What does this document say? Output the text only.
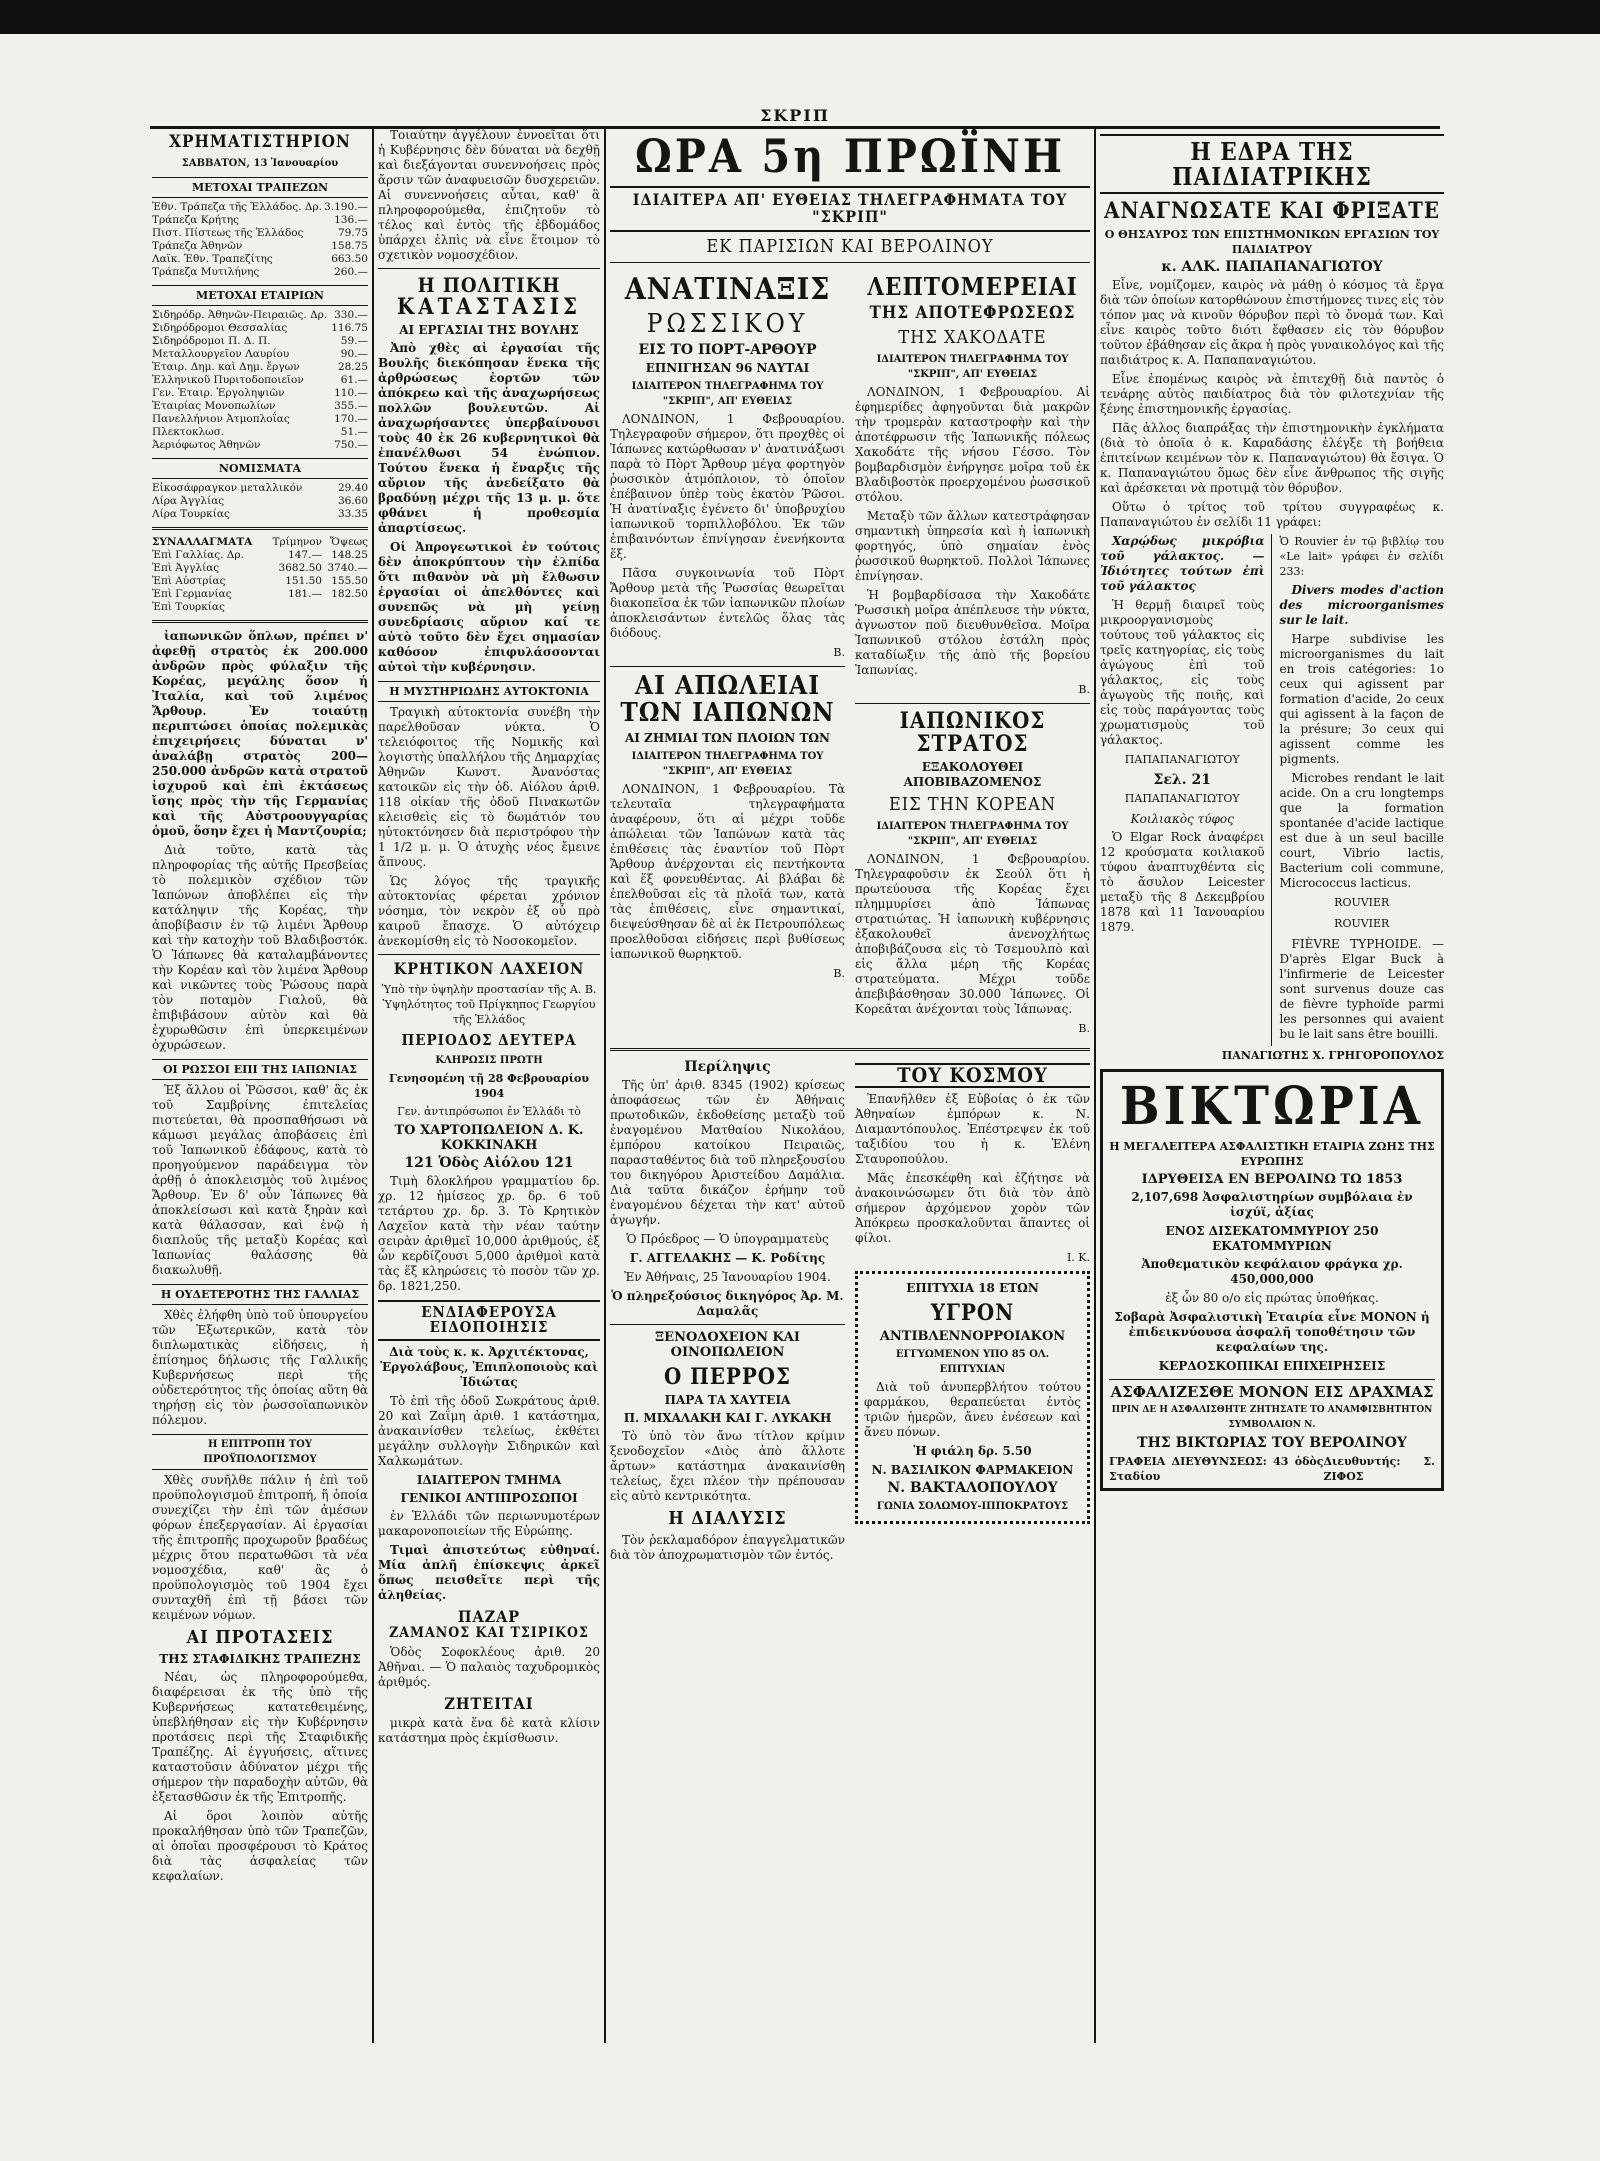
ΣΚΡΙΠ
ΧΡΗΜΑΤΙΣΤΗΡΙΟΝ
ΣΑΒΒΑΤΟΝ, 13 Ἰανουαρίου
ΜΕΤΟΧΑΙ ΤΡΑΠΕΖΩΝ
Ἐθν. Τράπεζα τῆς Ἑλλάδος. Δρ.	3.190.—
Τράπεζα Κρήτης	136.—
Πιστ. Πίστεως τῆς Ἑλλάδος	79.75
Τράπεζα Ἀθηνῶν	158.75
Λαϊκ. Ἐθν. Τραπεζίτης	663.50
Τράπεζα Μυτιλήνης	260.—
ΜΕΤΟΧΑΙ ΕΤΑΙΡΙΩΝ
Σιδηρόδρ. Ἀθηνῶν-Πειραιῶς. Δρ.	330.—
Σιδηρόδρομοι Θεσσαλίας	116.75
Σιδηρόδρομοι Π. Δ. Π.	59.—
Μεταλλουργεῖον Λαυρίου	90.—
Ἑταιρ. Δημ. καὶ Δημ. ἔργων	28.25
Ἑλληνικοῦ Πυριτοδοποιεῖον	61.—
Γεν. Ἑταιρ. Ἐργοληψιῶν	110.—
Ἑταιρίας Μονοπωλίων	355.—
Πανελλήνιον Ἀτμοπλοΐας	170.—
Πλεκτοκλωσ.	51.—
Ἀεριόφωτος Ἀθηνῶν	750.—
ΝΟΜΙΣΜΑΤΑ
Εἰκοσάφραγκον μεταλλικόν	29.40
Λίρα Ἀγγλίας	36.60
Λίρα Τουρκίας	33.35
ΣΥΝΑΛΛΑΓΜΑΤΑ	Τρίμηνον	Ὄψεως
Ἐπὶ Γαλλίας. Δρ.	147.—	148.25
Ἐπὶ Ἀγγλίας	3682.50	3740.—
Ἐπὶ Αὐστρίας	151.50	155.50
Ἐπὶ Γερμανίας	181.—	182.50
Ἐπὶ Τουρκίας		

ἰαπωνικῶν ὅπλων, πρέπει ν' ἀφεθῇ στρατὸς ἐκ 200.000 ἀνδρῶν πρὸς φύλαξιν τῆς Κορέας, μεγάλης ὅσον ἡ Ἰταλία, καὶ τοῦ λιμένος Ἄρθουρ. Ἐν τοιαύτῃ περιπτώσει ὁποίας πολεμικὰς ἐπιχειρήσεις δύναται ν' ἀναλάβῃ στρατὸς 200—250.000 ἀνδρῶν κατὰ στρατοῦ ἰσχυροῦ καὶ ἐπὶ ἐκτάσεως ἴσης πρὸς τὴν τῆς Γερμανίας καὶ τῆς Αὐστροουγγαρίας ὁμοῦ, ὅσην ἔχει ἡ Μαντζουρία;

Διὰ τοῦτο, κατὰ τὰς πληροφορίας τῆς αὐτῆς Πρεσβείας τὸ πολεμικὸν σχέδιον τῶν Ἰαπώνων ἀποβλέπει εἰς τὴν κατάληψιν τῆς Κορέας, τὴν ἀποβίβασιν ἐν τῷ λιμένι Ἄρθουρ καὶ τὴν κατοχὴν τοῦ Βλαδιβοστόκ. Ὁ Ἰάπωνες θὰ καταλαμβάνοντες τὴν Κορέαν καὶ τὸν λιμένα Ἄρθουρ καὶ νικῶντες τοὺς Ῥώσους παρὰ τὸν ποταμὸν Γιαλοῦ, θὰ ἐπιβιβάσουν αὐτὸν καὶ θὰ ἐχυρωθῶσιν ἐπὶ ὑπερκειμένων ὀχυρώσεων.

ΟΙ ΡΩΣΣΟΙ ΕΠΙ ΤΗΣ ΙΑΠΩΝΙΑΣ

Ἐξ ἄλλου οἱ Ῥῶσσοι, καθ' ἃς ἐκ τοῦ Σαμβρίνης ἐπιτελείας πιστεύεται, θὰ προσπαθήσωσι νὰ κάμωσι μεγάλας ἀποβάσεις ἐπὶ τοῦ Ἰαπωνικοῦ ἐδάφους, κατὰ τὸ προηγούμενον παράδειγμα τὸν ἀρθῇ ὁ ἀποκλεισμὸς τοῦ λιμένος Ἄρθουρ. Ἐν δ' οὖν Ἰάπωνες θὰ ἀποκλείσωσι καὶ κατὰ ξηρὰν καὶ κατὰ θάλασσαν, καὶ ἐνῷ ἡ διαπλοῦς τῆς μεταξὺ Κορέας καὶ Ἰαπωνίας θαλάσσης θὰ διακωλυθῇ.

Η ΟΥΔΕΤΕΡΟΤΗΣ ΤΗΣ ΓΑΛΛΙΑΣ

Χθὲς ἐλήφθη ὑπὸ τοῦ ὑπουργείου τῶν Ἐξωτερικῶν, κατὰ τὸν διπλωματικὰς εἰδήσεις, ἡ ἐπίσημος δήλωσις τῆς Γαλλικῆς Κυβερνήσεως περὶ τῆς οὐδετερότητος τῆς ὁποίας αὕτη θὰ τηρήσῃ εἰς τὸν ῥωσσοϊαπωνικὸν πόλεμον.

Η ΕΠΙΤΡΟΠΗ ΤΟΥ ΠΡΟΫΠΟΛΟΓΙΣΜΟΥ

Χθὲς συνῆλθε πάλιν ἡ ἐπὶ τοῦ προϋπολογισμοῦ ἐπιτροπή, ἥ ὁποία συνεχίζει τὴν ἐπὶ τῶν ἀμέσων φόρων ἐπεξεργασίαν. Αἱ ἐργασίαι τῆς ἐπιτροπῆς προχωροῦν βραδέως μέχρις ὅτου περατωθῶσι τὰ νέα νομοσχέδια, καθ' ἃς ὁ προϋπολογισμὸς τοῦ 1904 ἔχει συνταχθῆ ἐπὶ τῇ βάσει τῶν κειμένων νόμων.

ΑΙ ΠΡΟΤΑΣΕΙΣ
ΤΗΣ ΣΤΑΦΙΔΙΚΗΣ ΤΡΑΠΕΖΗΣ

Νέαι, ὡς πληροφορούμεθα, διαφέρεισαι ἐκ τῆς ὑπὸ τῆς Κυβερνήσεως κατατεθειμένης, ὑπεβλήθησαν εἰς τὴν Κυβέρνησιν προτάσεις περὶ τῆς Σταφιδικῆς Τραπέζης. Αἱ ἐγγυήσεις, αἵτινες καταστοῦσιν ἀδύνατον μέχρι τῆς σήμερον τὴν παραδοχὴν αὐτῶν, θὰ ἐξετασθῶσιν ἐκ τῆς Ἐπιτροπῆς.

Αἱ ὅροι λοιπὸν αὐτῆς προκαλήθησαν ὑπὸ τῶν Τραπεζῶν, αἱ ὁποῖαι προσφέρουσι τὸ Κράτος διὰ τὰς ἀσφαλείας τῶν κεφαλαίων.

Τοιαύτην ἀγγέλουν ἐννοεῖται ὅτι ἡ Κυβέρνησις δὲν δύναται νὰ δεχθῇ καὶ διεξάγονται συνεννοήσεις πρὸς ἄρσιν τῶν ἀναφυεισῶν δυσχερειῶν. Αἱ συνεννοήσεις αὗται, καθ' ἃ πληροφορούμεθα, ἐπιζητοῦν τὸ τέλος καὶ ἐντὸς τῆς ἑβδομάδος ὑπάρχει ἐλπὶς νὰ εἶνε ἕτοιμον τὸ σχετικὸν νομοσχέδιον.

Η ΠΟΛΙΤΙΚΗ
ΚΑΤΑΣΤΑΣΙΣ
ΑΙ ΕΡΓΑΣΙΑΙ ΤΗΣ ΒΟΥΛΗΣ

Ἀπὸ χθὲς αἱ ἐργασίαι τῆς Βουλῆς διεκόπησαν ἕνεκα τῆς ἀρθρώσεως ἐορτῶν τῶν ἀπόκρεω καὶ τῆς ἀναχωρήσεως πολλῶν βουλευτῶν. Αἱ ἀναχωρήσαντες ὑπερβαίνουσι τοὺς 40 ἐκ 26 κυβερνητικοὶ θὰ ἐπανέλθωσι 54 ἐνώπιον. Τούτου ἕνεκα ἡ ἔναρξις τῆς αὔριον τῆς ἀνεδείξατο θὰ βραδύνῃ μέχρι τῆς 13 μ. μ. ὅτε φθάνει ἡ προθεσμία ἀπαρτίσεως.

Οἱ Ἀπρογεωτικοὶ ἐν τούτοις δὲν ἀποκρύπτουν τὴν ἐλπίδα ὅτι πιθανὸν νὰ μὴ ἔλθωσιν ἐργασίαι οἱ ἀπελθόντες καὶ συνεπῶς νὰ μὴ γείνῃ συνεδρίασις αὔριον καί τε αὐτὸ τοῦτο δὲν ἔχει σημασίαν καθόσον ἐπιφυλάσσονται αὐτοὶ τὴν κυβέρνησιν.

Η ΜΥΣΤΗΡΙΩΔΗΣ ΑΥΤΟΚΤΟΝΙΑ

Τραγικὴ αὐτοκτονία συνέβη τὴν παρελθοῦσαν νύκτα. Ὁ τελειόφοιτος τῆς Νομικῆς καὶ λογιστὴς ὑπαλλήλου τῆς Δημαρχίας Ἀθηνῶν Κωνστ. Ἀνανόστας κατοικῶν εἰς τὴν ὁδ. Αἰόλου ἀριθ. 118 οἰκίαν τῆς ὁδοῦ Πινακωτῶν κλεισθεὶς εἰς τὸ δωμάτιόν του ηὐτοκτόνησεν διὰ περιστρόφου τὴν 1 1/2 μ. μ. Ὁ ἀτυχὴς νέος ἔμεινε ἄπνους.

Ὡς λόγος τῆς τραγικῆς αὐτοκτονίας φέρεται χρόνιον νόσημα, τὸν νεκρὸν ἐξ οὗ πρὸ καιροῦ ἔπασχε. Ὁ αὐτόχειρ ἀνεκομίσθη εἰς τὸ Νοσοκομεῖον.

ΚΡΗΤΙΚΟΝ ΛΑΧΕΙΟΝ

Ὑπὸ τὴν ὑψηλὴν προστασίαν τῆς Α. Β. Ὑψηλότητος τοῦ Πρίγκηπος Γεωργίου τῆς Ἑλλάδος

ΠΕΡΙΟΔΟΣ ΔΕΥΤΕΡΑ
ΚΛΗΡΩΣΙΣ ΠΡΩΤΗ
Γενησομένη τῇ 28 Φεβρουαρίου 1904

Γεν. ἀντιπρόσωποι ἐν Ἑλλάδι τὸ

ΤΟ ΧΑΡΤΟΠΩΛΕΙΟΝ Δ. Κ. ΚΟΚΚΙΝΑΚΗ
121 Ὁδὸς Αἰόλου 121

Τιμὴ δλοκλήρου γραμματίου δρ. χρ. 12 ἡμίσεος χρ. δρ. 6 τοῦ τετάρτου χρ. δρ. 3. Τὸ Κρητικὸν Λαχεῖον κατὰ τὴν νέαν ταύτην σειρὰν ἀριθμεῖ 10,000 ἀριθμούς, ἐξ ὧν κερδίζουσι 5,000 ἀριθμοὶ κατὰ τὰς ἕξ κληρώσεις τὸ ποσὸν τῶν χρ. δρ. 1821,250.

ΕΝΔΙΑΦΕΡΟΥΣΑ ΕΙΔΟΠΟΙΗΣΙΣ

Διὰ τοὺς κ. κ. Ἀρχιτέκτονας, Ἐργολάβους, Ἐπιπλοποιοὺς καὶ Ἰδιώτας

Τὸ ἐπὶ τῆς ὁδοῦ Σωκράτους ἀριθ. 20 καὶ Ζαΐμη ἀριθ. 1 κατάστημα, ἀνακαινίσθεν τελείως, ἐκθέτει μεγάλην συλλογὴν Σιδηρικῶν καὶ Χαλκωμάτων.

ΙΔΙΑΙΤΕΡΟΝ ΤΜΗΜΑ
ΓΕΝΙΚΟΙ ΑΝΤΙΠΡΟΣΩΠΟΙ

ἐν Ἑλλάδι τῶν περιωνυμοτέρων μακαρονοποιείων τῆς Εὐρώπης.

Τιμαὶ ἀπιστεύτως εὐθηναί. Μία ἀπλῆ ἐπίσκεψις ἀρκεῖ ὅπως πεισθεῖτε περὶ τῆς ἀληθείας.

ΠΑΖΑΡ
ΖΑΜΑΝΟΣ ΚΑΙ ΤΣΙΡΙΚΟΣ

Ὁδὸς Σοφοκλέους ἀριθ. 20 Ἀθῆναι. — Ὁ παλαιὸς ταχυδρομικὸς ἀριθμός.

ΖΗΤΕΙΤΑΙ

μικρὰ κατὰ ἕνα δὲ κατὰ κλίσιν κατάστημα πρὸς ἐκμίσθωσιν.

ΩΡΑ 5η ΠΡΩΪΝΗ
ΙΔΙΑΙΤΕΡΑ ΑΠ' ΕΥΘΕΙΑΣ ΤΗΛΕΓΡΑΦΗΜΑΤΑ ΤΟΥ "ΣΚΡΙΠ"
ΕΚ ΠΑΡΙΣΙΩΝ ΚΑΙ ΒΕΡΟΛΙΝΟΥ
ΑΝΑΤΙΝΑΞΙΣ
ΡΩΣΣΙΚΟΥ
ΕΙΣ ΤΟ ΠΟΡΤ-ΑΡΘΟΥΡ
ΕΠΝΙΓΗΣΑΝ 96 ΝΑΥΤΑΙ
ΙΔΙΑΙΤΕΡΟΝ ΤΗΛΕΓΡΑΦΗΜΑ ΤΟΥ "ΣΚΡΙΠ", ΑΠ' ΕΥΘΕΙΑΣ

ΛΟΝΔΙΝΟΝ, 1 Φεβρουαρίου. Τηλεγραφοῦν σήμερον, ὅτι προχθὲς οἱ Ἰάπωνες κατώρθωσαν ν' ἀνατινάξωσι παρὰ τὸ Πὸρτ Ἄρθουρ μέγα φορτηγὸν ῥωσσικὸν ἀτμόπλοιον, τὸ ὁποῖον ἐπέβαινον ὑπὲρ τοὺς ἑκατὸν Ῥῶσοι. Ἡ ἀνατίναξις ἐγένετο δι' ὑποβρυχίου ἰαπωνικοῦ τορπιλλοβόλου. Ἐκ τῶν ἐπιβαινόντων ἐπνίγησαν ἐνενήκοντα ἕξ.

Πᾶσα συγκοινωνία τοῦ Πὸρτ Ἄρθουρ μετὰ τῆς Ῥωσσίας θεωρεῖται διακοπεῖσα ἐκ τῶν ἰαπωνικῶν πλοίων ἀποκλεισάντων ἐντελῶς ὅλας τὰς διόδους.

Β.
ΑΙ ΑΠΩΛΕΙΑΙ
ΤΩΝ ΙΑΠΩΝΩΝ
ΑΙ ΖΗΜΙΑΙ ΤΩΝ ΠΛΟΙΩΝ ΤΩΝ
ΙΔΙΑΙΤΕΡΟΝ ΤΗΛΕΓΡΑΦΗΜΑ ΤΟΥ "ΣΚΡΙΠ", ΑΠ' ΕΥΘΕΙΑΣ

ΛΟΝΔΙΝΟΝ, 1 Φεβρουαρίου. Τὰ τελευταῖα τηλεγραφήματα ἀναφέρουν, ὅτι αἱ μέχρι τοῦδε ἀπώλειαι τῶν Ἰαπώνων κατὰ τὰς ἐπιθέσεις τὰς ἐναντίον τοῦ Πὸρτ Ἄρθουρ ἀνέρχονται εἰς πεντήκοντα καὶ ἕξ φονευθέντας. Αἱ βλάβαι δὲ ἐπελθοῦσαι εἰς τὰ πλοῖά των, κατὰ τὰς ἐπιθέσεις, εἶνε σημαντικαί, διεψεύσθησαν δὲ αἱ ἐκ Πετρουπόλεως προελθοῦσαι εἰδήσεις περὶ βυθίσεως ἰαπωνικοῦ θωρηκτοῦ.

Β.
ΛΕΠΤΟΜΕΡΕΙΑΙ
ΤΗΣ ΑΠΟΤΕΦΡΩΣΕΩΣ
ΤΗΣ ΧΑΚΟΔΑΤΕ
ΙΔΙΑΙΤΕΡΟΝ ΤΗΛΕΓΡΑΦΗΜΑ ΤΟΥ "ΣΚΡΙΠ", ΑΠ' ΕΥΘΕΙΑΣ

ΛΟΝΔΙΝΟΝ, 1 Φεβρουαρίου. Αἱ ἐφημερίδες ἀφηγοῦνται διὰ μακρῶν τὴν τρομερὰν καταστροφὴν καὶ τὴν ἀποτέφρωσιν τῆς Ἰαπωνικῆς πόλεως Χακοδάτε τῆς νήσου Γέσσο. Τὸν βομβαρδισμὸν ἐνήργησε μοῖρα τοῦ ἐκ Βλαδιβοστὸκ προερχομένου ῥωσσικοῦ στόλου.

Μεταξὺ τῶν ἄλλων κατεστράφησαν σημαντικὴ ὑπηρεσία καὶ ἡ ἰαπωνικὴ φορτηγός, ὑπὸ σημαίαν ἑνὸς ῥωσσικοῦ θωρηκτοῦ. Πολλοὶ Ἰάπωνες ἐπνίγησαν.

Ἡ βομβαρδίσασα τὴν Χακοδάτε Ῥωσσικὴ μοῖρα ἀπέπλευσε τὴν νύκτα, ἀγνωστον ποῦ διευθυνθεῖσα. Μοῖρα Ἰαπωνικοῦ στόλου ἐστάλη πρὸς καταδίωξιν τῆς ἀπὸ τῆς βορείου Ἰαπωνίας.

Β.
ΙΑΠΩΝΙΚΟΣ ΣΤΡΑΤΟΣ
ΕΞΑΚΟΛΟΥΘΕΙ ΑΠΟΒΙΒΑΖΟΜΕΝΟΣ
ΕΙΣ ΤΗΝ ΚΟΡΕΑΝ
ΙΔΙΑΙΤΕΡΟΝ ΤΗΛΕΓΡΑΦΗΜΑ ΤΟΥ "ΣΚΡΙΠ", ΑΠ' ΕΥΘΕΙΑΣ

ΛΟΝΔΙΝΟΝ, 1 Φεβρουαρίου. Τηλεγραφοῦσιν ἐκ Σεούλ ὅτι ἡ πρωτεύουσα τῆς Κορέας ἔχει πλημμυρίσει ἀπὸ Ἰάπωνας στρατιώτας. Ἡ ἰαπωνικὴ κυβέρνησις ἐξακολουθεῖ ἀνενοχλήτως ἀποβιβάζουσα εἰς τὸ Τσεμουλπὸ καὶ εἰς ἄλλα μέρη τῆς Κορέας στρατεύματα. Μέχρι τοῦδε ἀπεβιβάσθησαν 30.000 Ἰάπωνες. Οἱ Κορεᾶται ἀνέχονται τοὺς Ἰάπωνας.

Β.
Περίληψις

Τῆς ὑπ' ἀριθ. 8345 (1902) κρίσεως ἀποφάσεως τῶν ἐν Ἀθήναις πρωτοδικῶν, ἐκδοθείσης μεταξὺ τοῦ ἐναγομένου Ματθαίου Νικολάου, ἐμπόρου κατοίκου Πειραιῶς, παρασταθέντος διὰ τοῦ πληρεξουσίου του δικηγόρου Ἀριστείδου Δαμάλια. Διὰ ταῦτα δικάζον ἐρήμην τοῦ ἐναγομένου δέχεται τὴν κατ' αὐτοῦ ἀγωγήν.

Ὁ Πρόεδρος — Ὁ ὑπογραμματεὺς

Γ. ΑΓΓΕΛΑΚΗΣ — Κ. Ροδίτης

Ἐν Ἀθήναις, 25 Ἰανουαρίου 1904.

Ὁ πληρεξούσιος δικηγόρος Ἀρ. Μ. Δαμαλᾶς

ΞΕΝΟΔΟΧΕΙΟΝ ΚΑΙ ΟΙΝΟΠΩΛΕΙΟΝ
Ο ΠΕΡΡΟΣ
ΠΑΡΑ ΤΑ ΧΑΥΤΕΙΑ
Π. ΜΙΧΑΛΑΚΗ ΚΑΙ Γ. ΛΥΚΑΚΗ

Τὸ ὑπὸ τὸν ἄνω τίτλον κρίμιν ξενοδοχεῖον «Διὸς ἀπὸ ἄλλοτε ἄρτων» κατάστημα ἀνακαινίσθη τελείως, ἔχει πλέον τὴν πρέπουσαν εἰς αὐτὸ κεντρικότητα.

Η ΔΙΑΛΥΣΙΣ

Τὸν ῥεκλαμαδόρον ἐπαγγελματικῶν διὰ τὸν ἀποχρωματισμὸν τῶν ἐντός.

ΤΟΥ ΚΟΣΜΟΥ

Ἐπανῆλθεν ἐξ Εὐβοίας ὁ ἐκ τῶν Ἀθηναίων ἐμπόρων κ. Ν. Διαμαντόπουλος. Ἐπέστρεψεν ἐκ τοῦ ταξιδίου του ἡ κ. Ἐλένη Σταυροπούλου.

Μᾶς ἐπεσκέφθη καὶ ἐζήτησε νὰ ἀνακοινώσωμεν ὅτι διὰ τὸν ἀπὸ σήμερον ἀρχόμενον χορὸν τῶν Ἀπόκρεω προσκαλοῦνται ἅπαντες οἱ φίλοι.

Ι. Κ.
ΕΠΙΤΥΧΙΑ 18 ΕΤΩΝ
ΥΓΡΟΝ
ΑΝΤΙΒΛΕΝΝΟΡΡΟΙΑΚΟΝ
ΕΓΓΥΩΜΕΝΟΝ ΥΠΟ 85 ΟΛ. ΕΠΙΤΥΧΙΑΝ

Διὰ τοῦ ἀνυπερβλήτου τούτου φαρμάκου, θεραπεύεται ἐντὸς τριῶν ἡμερῶν, ἄνευ ἐνέσεων καὶ ἄνευ πόνων.

Ἡ φιάλη δρ. 5.50

Ν. ΒΑΣΙΛΙΚΟΝ ΦΑΡΜΑΚΕΙΟΝ
Ν. ΒΑΚΤΑΛΟΠΟΥΛΟΥ
ΓΩΝΙΑ ΣΟΛΩΜΟΥ-ΙΠΠΟΚΡΑΤΟΥΣ
Η ΕΔΡΑ ΤΗΣ ΠΑΙΔΙΑΤΡΙΚΗΣ
ΑΝΑΓΝΩΣΑΤΕ ΚΑΙ ΦΡΙΞΑΤΕ
Ο ΘΗΣΑΥΡΟΣ ΤΩΝ ΕΠΙΣΤΗΜΟΝΙΚΩΝ ΕΡΓΑΣΙΩΝ ΤΟΥ ΠΑΙΔΙΑΤΡΟΥ
κ. ΑΛΚ. ΠΑΠΑΠΑΝΑΓΙΩΤΟΥ

Εἶνε, νομίζομεν, καιρὸς νὰ μάθῃ ὁ κόσμος τὰ ἔργα διὰ τῶν ὁποίων κατορθώνουν ἐπιστήμονες τινες εἰς τὸν τόπον μας νὰ κινοῦν θόρυβον περὶ τὸ ὄνομά των. Καὶ εἶνε καιρὸς τοῦτο διότι ἔφθασεν εἰς τὸν θόρυβον τοῦτον ἐβάθησαν εἰς ἄκρα ἡ πρὸς γυναικολόγος καὶ τῆς παιδιάτρος κ. Α. Παπαπαναγιώτου.

Εἶνε ἐπομένως καιρὸς νὰ ἐπιτεχθῇ διὰ παντὸς ὁ τενάρης αὐτὸς παιδίατρος διὰ τὸν φιλοτεχνίαν τῆς ξένης ἐπιστημονικῆς ἐργασίας.

Πᾶς ἀλλος διαπράξας τὴν ἐπιστημονικὴν ἐγκλήματα (διὰ τὸ ὁποῖα ὁ κ. Καραδάσης ἐλέγξε τὴ βοήθεια ἐπιτείνων κειμένων τὸν κ. Παπαναγιώτου) θὰ ἔσιγα. Ὁ κ. Παπαναγιώτου ὅμως δὲν εἶνε ἄνθρωπος τῆς σιγῆς καὶ ἀρέσκεται νὰ προτιμᾷ τὸν θόρυβον.

Οὕτω ὁ τρίτος τοῦ τρίτου συγγραφέως κ. Παπαναγιώτου ἐν σελίδι 11 γράφει:

Χαρῴδως μικρόβια τοῦ γάλακτος. — Ἰδιότητες τούτων ἐπὶ τοῦ γάλακτος

Ἡ θερμῇ διαιρεῖ τοὺς μικροοργανισμοὺς τούτους τοῦ γάλακτος εἰς τρεῖς κατηγορίας, εἰς τοὺς ἀγώγους ἐπὶ τοῦ γάλακτος, εἰς τοὺς ἀγωγοὺς τῆς ποιῆς, καὶ εἰς τοὺς παράγοντας τοὺς χρωματισμοὺς τοῦ γάλακτος.

ΠΑΠΑΠΑΝΑΓΙΩΤΟΥ
Σελ. 21
ΠΑΠΑΠΑΝΑΓΙΩΤΟΥ
Κοιλιακὸς τύφος

Ὁ Elgar Rock ἀναφέρει 12 κρούσματα κοιλιακοῦ τύφου ἀναπτυχθέντα εἰς τὸ ἄσυλον Leicester μεταξὺ τῆς 8 Δεκεμβρίου 1878 καὶ 11 Ἰανουαρίου 1879.

Ὁ Rouvier ἐν τῷ βιβλίῳ του «Le lait» γράφει ἐν σελίδι 233:

Divers modes d'action des microorganismes sur le lait.

Harpe subdivise les microorganismes du lait en trois catégories: 1o ceux qui agissent par formation d'acide, 2o ceux qui agissent à la façon de la présure; 3o ceux qui agissent comme les pigments.

Microbes rendant le lait acide. On a cru longtemps que la formation spontanée d'acide lactique est due à un seul bacille court, Vibrio lactis, Bacterium coli commune, Micrococcus lacticus.

ROUVIER
ROUVIER

FIÈVRE TYPHOIDE. — D'après Elgar Buck à l'infirmerie de Leicester sont survenus douze cas de fièvre typhoïde parmi les personnes qui avaient bu le lait sans être bouilli.

ΠΑΝΑΓΙΩΤΗΣ Χ. ΓΡΗΓΟΡΟΠΟΥΛΟΣ
ΒΙΚΤΩΡΙΑ
Η ΜΕΓΑΛΕΙΤΕΡΑ ΑΣΦΑΛΙΣΤΙΚΗ ΕΤΑΙΡΙΑ ΖΩΗΣ ΤΗΣ ΕΥΡΩΠΗΣ
ΙΔΡΥΘΕΙΣΑ ΕΝ ΒΕΡΟΛΙΝΩ ΤΩ 1853

2,107,698 Ἀσφαλιστηρίων συμβόλαια ἐν ἰσχύϊ, ἀξίας

ΕΝΟΣ ΔΙΣΕΚΑΤΟΜΜΥΡΙΟΥ 250 ΕΚΑΤΟΜΜΥΡΙΩΝ

Ἀποθεματικὸν κεφάλαιον φράγκα χρ. 450,000,000

ἐξ ὧν 80 ο/ο εἰς πρώτας ὑποθήκας.

Σοβαρὰ Ἀσφαλιστικὴ Ἑταιρία εἶνε ΜΟΝΟΝ ἡ ἐπιδεικνύουσα ἀσφαλῆ τοποθέτησιν τῶν κεφαλαίων της.

ΚΕΡΔΟΣΚΟΠΙΚΑΙ ΕΠΙΧΕΙΡΗΣΕΙΣ
ΑΣΦΑΛΙΖΕΣΘΕ ΜΟΝΟΝ ΕΙΣ ΔΡΑΧΜΑΣ
ΠΡΙΝ ΔΕ Η ΑΣΦΑΛΙΣΘΗΤΕ ΖΗΤΗΣΑΤΕ ΤΟ ΑΝΑΜΦΙΣΒΗΤΗΤΟΝ ΣΥΜΒΟΛΑΙΟΝ Ν.
ΤΗΣ ΒΙΚΤΩΡΙΑΣ ΤΟΥ ΒΕΡΟΛΙΝΟΥ
ΓΡΑΦΕΙΑ ΔΙΕΥΘΥΝΣΕΩΣ: 43 ὁδὸς Σταδίου
Διευθυντής: Σ. ΖΙΦΟΣ
